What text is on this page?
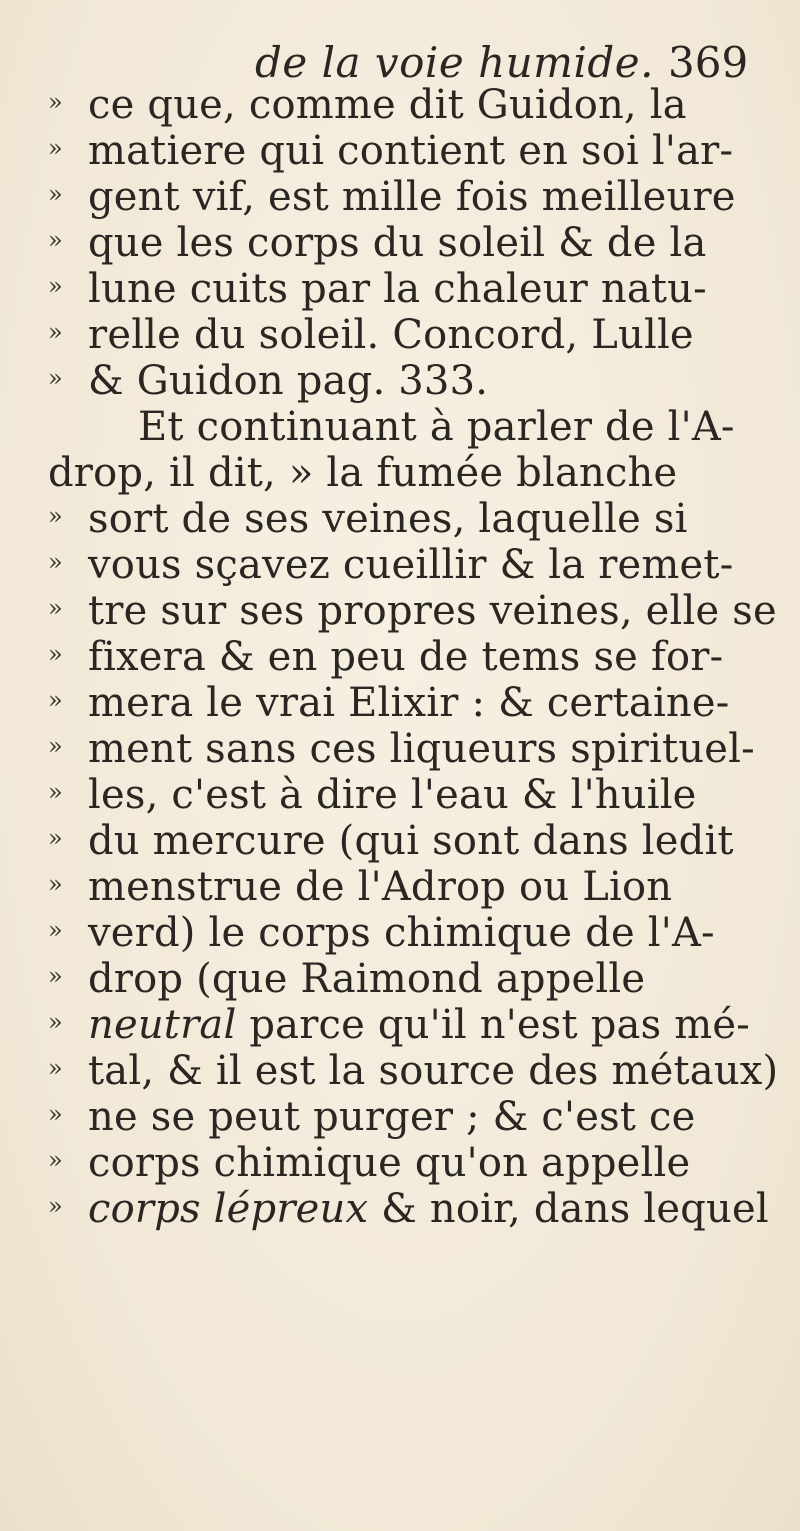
de la voie humide. 369
» ce que, comme dit Guidon, la
» matiere qui contient en soi l'ar-
» gent vif, est mille fois meilleure
» que les corps du soleil & de la
» lune cuits par la chaleur natu-
» relle du soleil. Concord, Lulle
» & Guidon pag. 333.
Et continuant à parler de l'A-
drop, il dit, » la fumée blanche
» sort de ses veines, laquelle si
» vous sçavez cueillir & la remet-
» tre sur ses propres veines, elle se
» fixera & en peu de tems se for-
» mera le vrai Elixir : & certaine-
» ment sans ces liqueurs spirituel-
» les, c'est à dire l'eau & l'huile
» du mercure (qui sont dans ledit
» menstrue de l'Adrop ou Lion
» verd) le corps chimique de l'A-
» drop (que Raimond appelle
» neutral parce qu'il n'est pas mé-
» tal, & il est la source des métaux)
» ne se peut purger ; & c'est ce
» corps chimique qu'on appelle
» corps lépreux & noir, dans lequel
